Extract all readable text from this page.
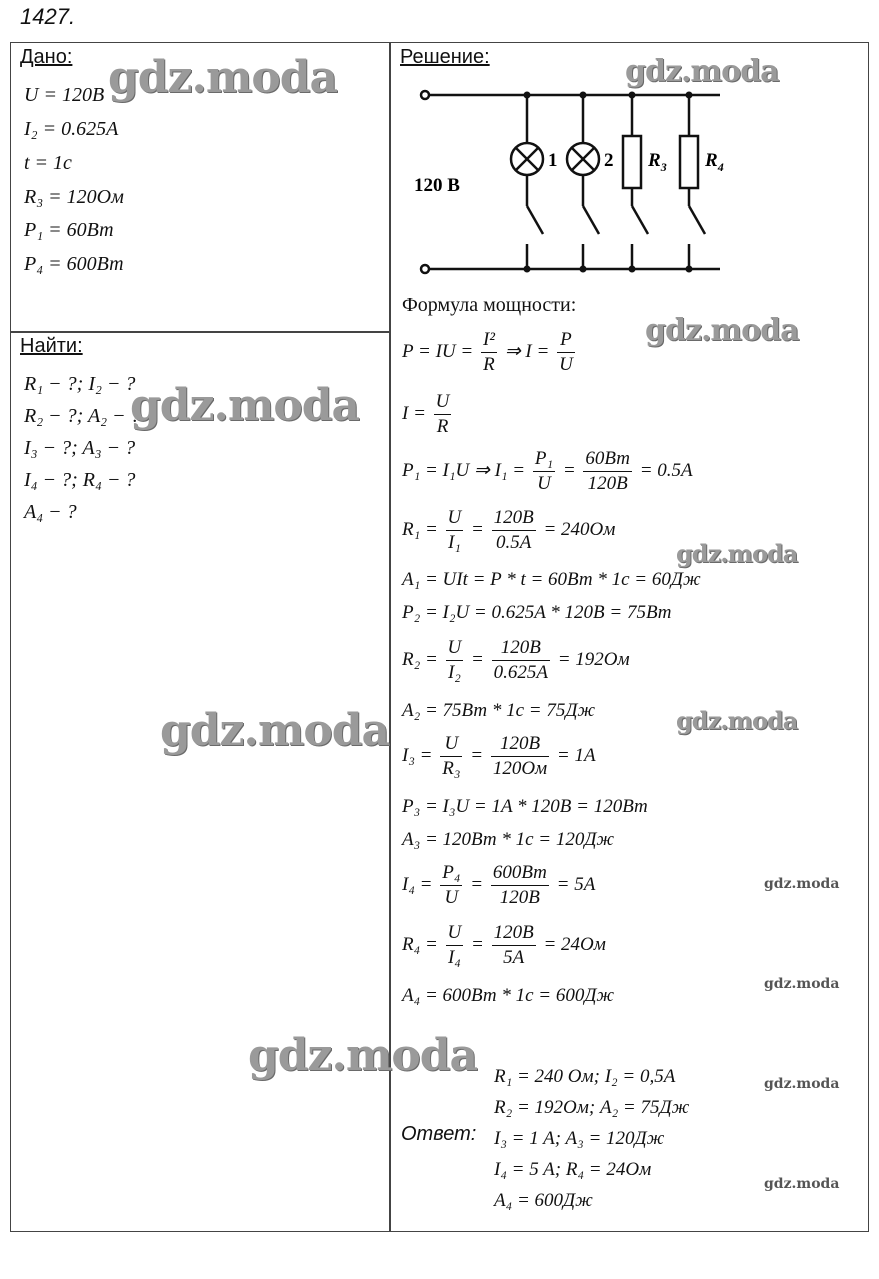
1427.
Дано:
U = 120B
I₂ = 0.625A
t = 1c
R₃ = 120Ом
P₁ = 60Вт
P₄ = 600Вт
Найти:
R₁ − ?; I₂ − ?
R₂ − ?; A₂ − ?
I₃ − ?; A₃ − ?
I₄ − ?; R₄ − ?
A₄ − ?
Решение:
120 В
1 2 $R_3$ $R_4$
Формула мощности:
P = IU = $\frac{\text{I²}}{R}$ ⇒ $I = \frac{P}{U}$
$I = \frac{U}{R}$
P₁ = I₁U ⇒ $I_1 = \frac{\text{P₁}}{U} = \frac{60Вт}{120B} = 0.5A$
$R_1 = \frac{U}{\text{I₁}} = \frac{120B}{0.5A} = 240Ом$
A₁ = UIt = P * t = 60Вт * 1с = 60Дж
P₂ = I₂U = 0.625A * 120B = 75Вт
$R_2 = \frac{U}{\text{I₂}} = \frac{120B}{0.625A} = 192Ом$
A₂ = 75Вт * 1с = 75Дж
$I_3 = \frac{U}{\text{R₃}} = \frac{120B}{120Ом} = 1A$
P₃ = I₃U = 1A * 120B = 120Вт
A₃ = 120Вт * 1с = 120Дж
$I_4 = \frac{\text{P₄}}{U} = \frac{600Вт}{120B} = 5A$
$R_4 = \frac{U}{\text{I₄}} = \frac{120B}{5A} = 24Ом$
A₄ = 600Вт * 1с = 600Дж
Ответ:
R₁ = 240 Ом; I₂ = 0,5A
R₂ = 192Ом; A₂ = 75Дж
I₃ = 1 A; A₃ = 120Дж
I₄ = 5 A; R₄ = 24Ом
A₄ = 600Дж
gdz.moda	gdz.moda
gdz.moda
gdz.moda
gdz.moda
gdz.moda	gdz.moda
gdz.moda
gdz.moda
gdz.moda
gdz.moda
gdz.moda
